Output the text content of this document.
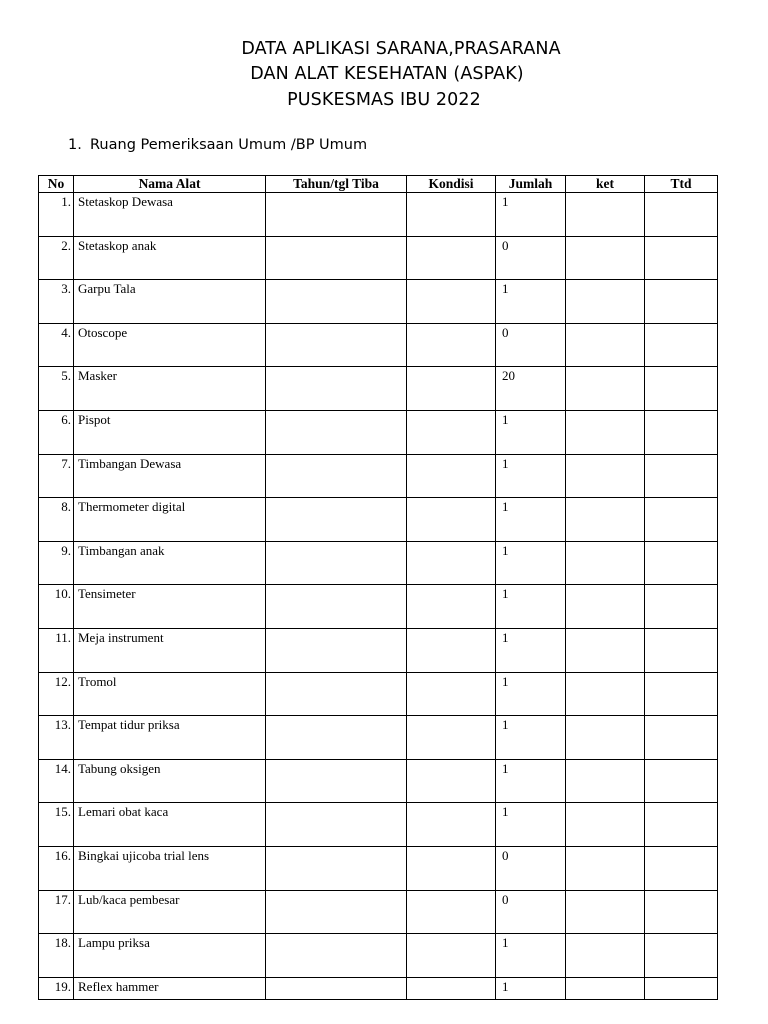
DATA APLIKASI SARANA,PRASARANA
DAN ALAT KESEHATAN (ASPAK)
PUSKESMAS IBU 2022
1. Ruang Pemeriksaan Umum /BP Umum
No	Nama Alat	Tahun/tgl Tiba	Kondisi	Jumlah	ket	Ttd
1.	Stetaskop Dewasa			1		
2.	Stetaskop anak			0		
3.	Garpu Tala			1		
4.	Otoscope			0		
5.	Masker			20		
6.	Pispot			1		
7.	Timbangan Dewasa			1		
8.	Thermometer digital			1		
9.	Timbangan anak			1		
10.	Tensimeter			1		
11.	Meja instrument			1		
12.	Tromol			1		
13.	Tempat tidur priksa			1		
14.	Tabung oksigen			1		
15.	Lemari obat kaca			1		
16.	Bingkai ujicoba trial lens			0		
17.	Lub/kaca pembesar			0		
18.	Lampu priksa			1		
19.	Reflex hammer			1		
